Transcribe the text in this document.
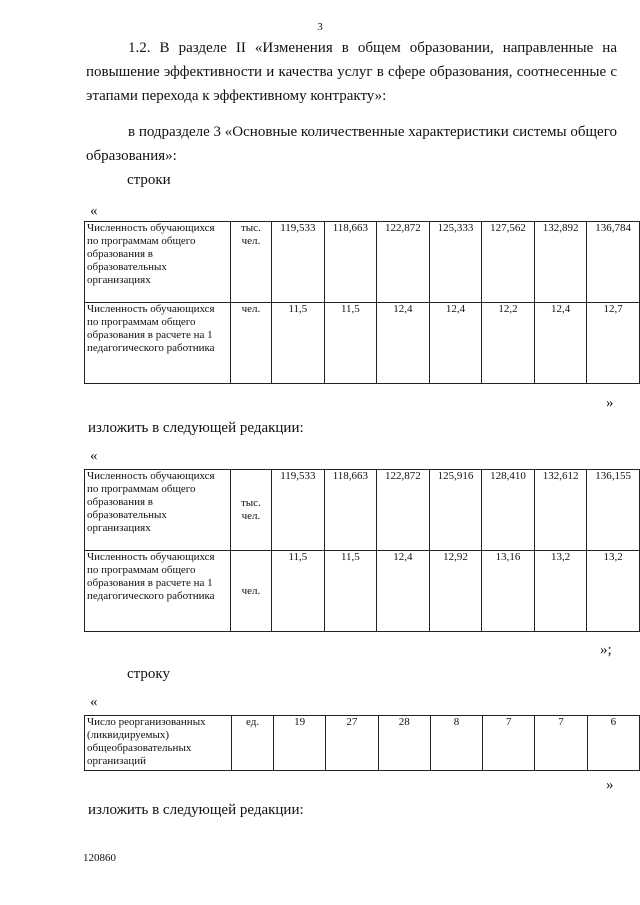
3
1.2. В разделе II «Изменения в общем образовании, направленные на повышение эффективности и качества услуг в сфере образования, соотнесенные с этапами перехода к эффективному контракту»:
в подразделе 3 «Основные количественные характеристики системы общего образования»:
строки
«
Численность обучающихся по программам общего образования в образовательных организациях	тыс. чел.	119,533	118,663	122,872	125,333	127,562	132,892	136,784
Численность обучающихся по программам общего образования в расчете на 1 педагогического работника	чел.	11,5	11,5	12,4	12,4	12,2	12,4	12,7
»
изложить в следующей редакции:
«
Численность обучающихся по программам общего образования в образовательных организациях	тыс. чел.	119,533	118,663	122,872	125,916	128,410	132,612	136,155
Численность обучающихся по программам общего образования в расчете на 1 педагогического работника	чел.	11,5	11,5	12,4	12,92	13,16	13,2	13,2
»;
строку
«
Число реорганизованных (ликвидируемых) общеобразовательных организаций	ед.	19	27	28	8	7	7	6
»
изложить в следующей редакции:
120860
